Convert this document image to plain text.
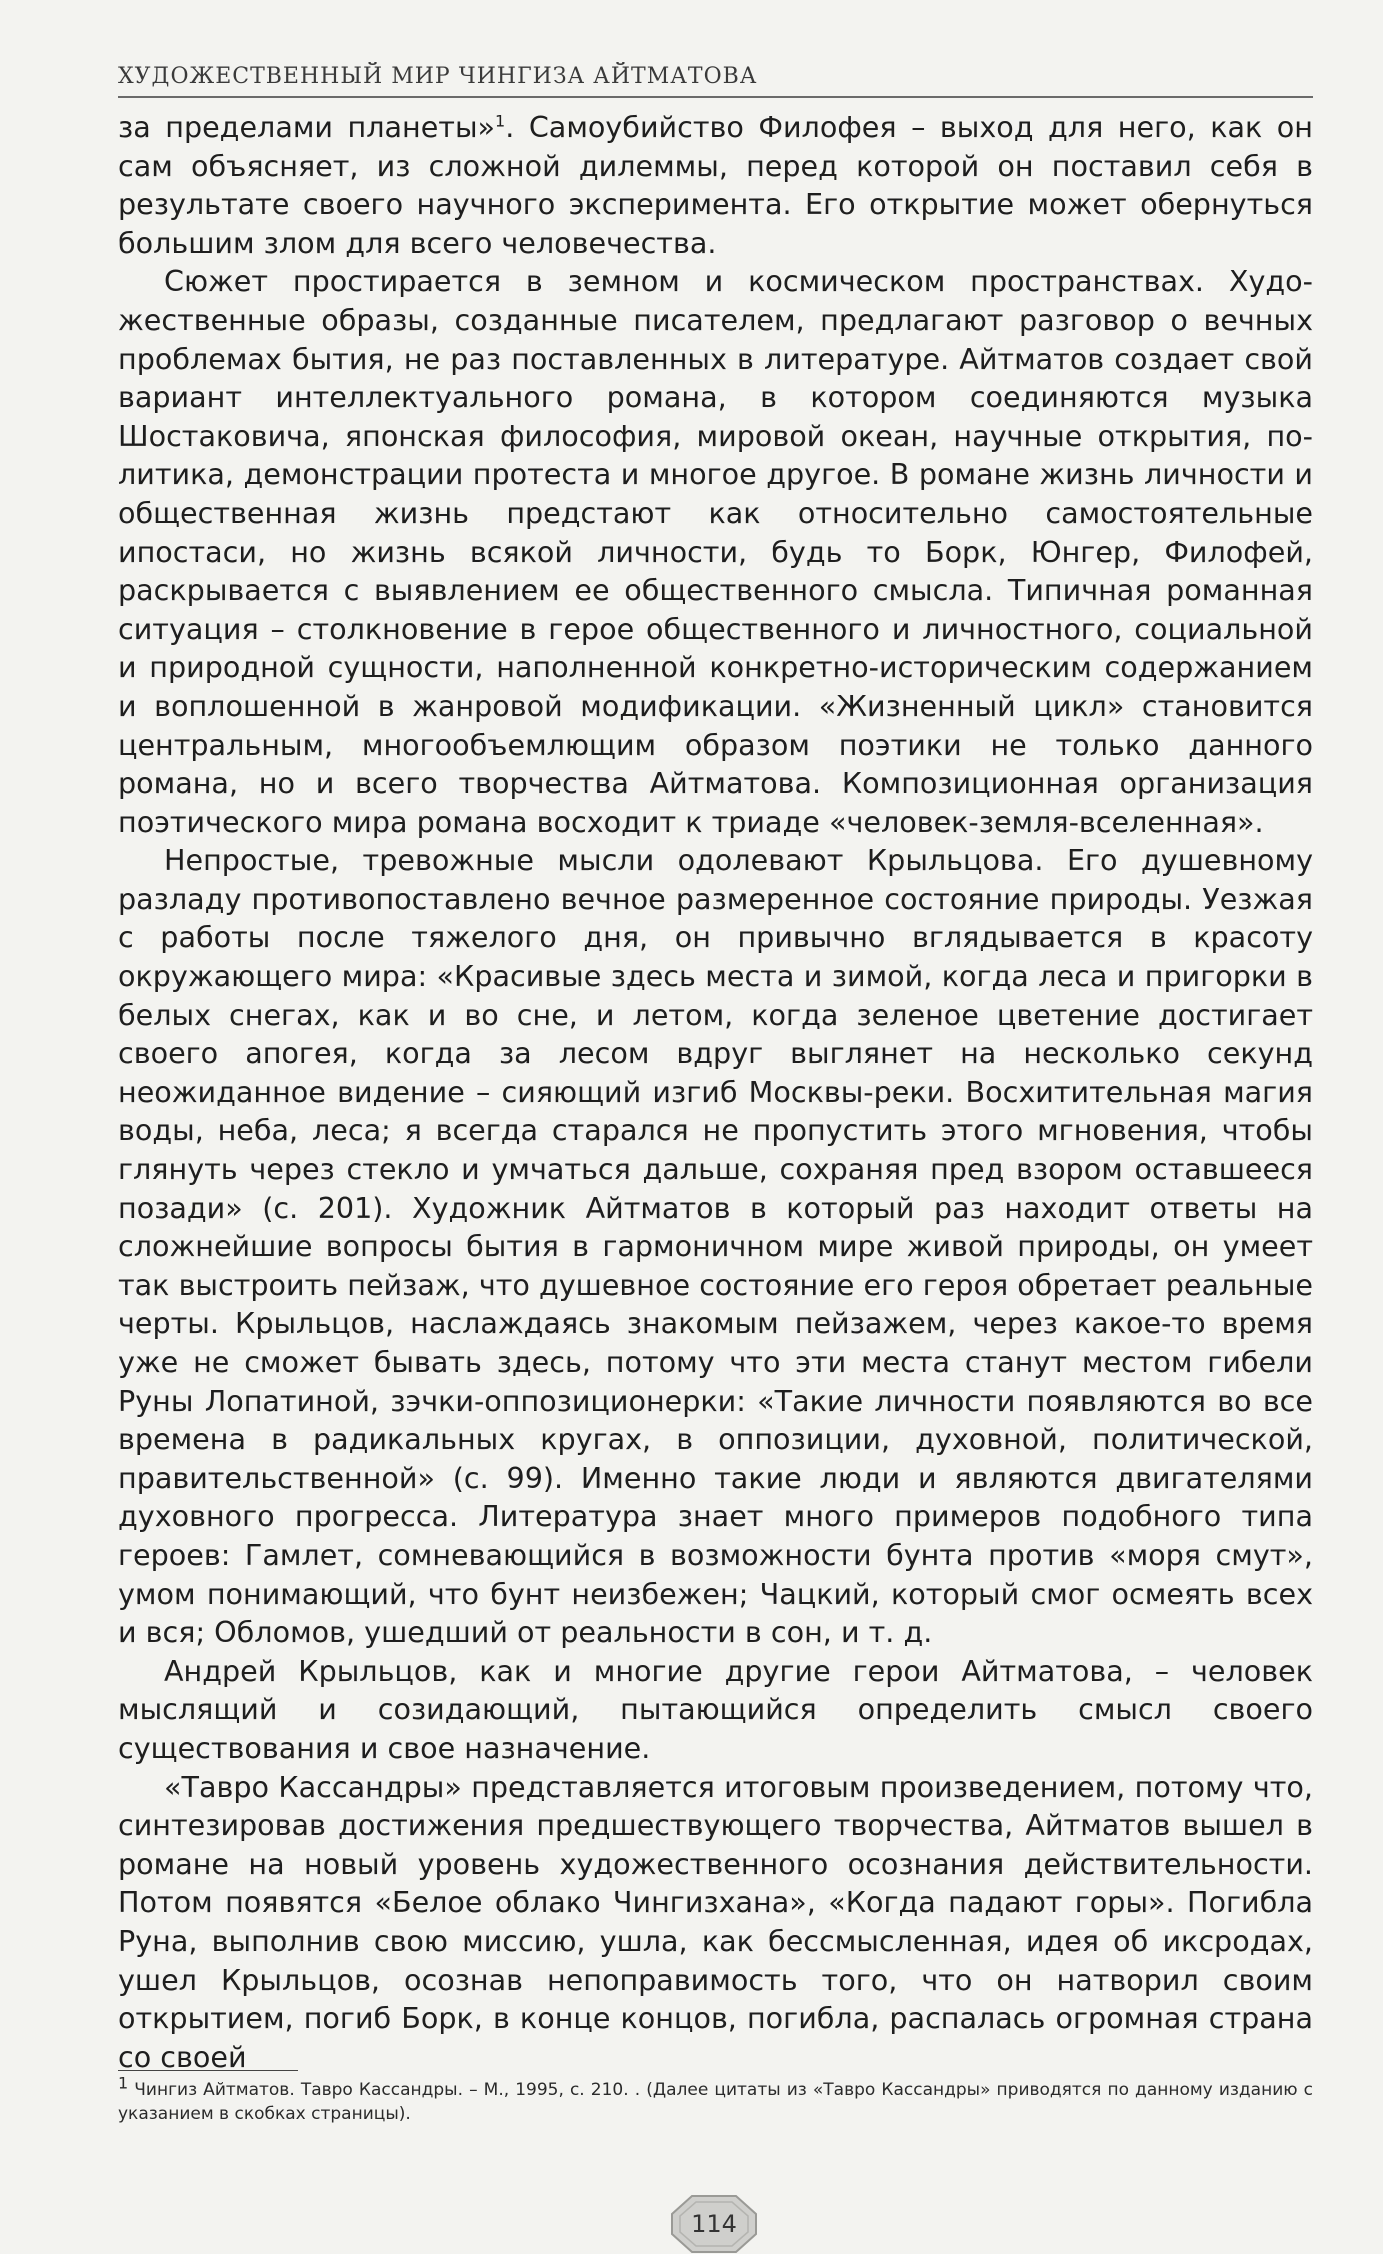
ХУДОЖЕСТВЕННЫЙ МИР ЧИНГИЗА АЙТМАТОВА

за пределами планеты»$^1$. Самоубийство Филофея – выход для него, как он сам объясняет, из сложной дилеммы, перед которой он поставил себя в результате своего научного эксперимента. Его открытие может обернуться большим злом для всего человечества.

Сюжет простирается в земном и космическом пространствах. Художественные образы, созданные писателем, предлагают разговор о вечных проблемах бытия, не раз поставленных в литературе. Айтматов создает свой вариант интеллектуального романа, в котором соединяются музыка Шостаковича, японская философия, мировой океан, научные открытия, политика, демонстрации протеста и многое другое. В романе жизнь личности и общественная жизнь предстают как относительно самостоятельные ипостаси, но жизнь всякой личности, будь то Борк, Юнгер, Филофей, раскрывается с выявлением ее общественного смысла. Типичная романная ситуация – столкновение в герое общественного и личностного, социальной и природной сущности, наполненной конкретно-историческим содержанием и воплошенной в жанровой модификации. «Жизненный цикл» становится центральным, многообъемлющим образом поэтики не только данного романа, но и всего творчества Айтматова. Композиционная организация поэтического мира романа восходит к триаде «человек-земля-вселенная».

Непростые, тревожные мысли одолевают Крыльцова. Его душевному разладу противопоставлено вечное размеренное состояние природы. Уезжая с работы после тяжелого дня, он привычно вглядывается в красоту окружающего мира: «Красивые здесь места и зимой, когда леса и пригорки в белых снегах, как и во сне, и летом, когда зеленое цветение достигает своего апогея, когда за лесом вдруг выглянет на несколько секунд неожиданное видение – сияющий изгиб Москвы-реки. Восхитительная магия воды, неба, леса; я всегда старался не пропустить этого мгновения, чтобы глянуть через стекло и умчаться дальше, сохраняя пред взором оставшееся позади» (с. 201). Художник Айтматов в который раз находит ответы на сложнейшие вопросы бытия в гармоничном мире живой природы, он умеет так выстроить пейзаж, что душевное состояние его героя обретает реальные черты. Крыльцов, наслаждаясь знакомым пейзажем, через какое-то время уже не сможет бывать здесь, потому что эти места станут местом гибели Руны Лопатиной, зэчки-оппозиционерки: «Такие личности появляются во все времена в радикальных кругах, в оппозиции, духовной, политической, правительственной» (с. 99). Именно такие люди и являются двигателями духовного прогресса. Литература знает много примеров подобного типа героев: Гамлет, сомневающийся в возможности бунта против «моря смут», умом понимающий, что бунт неизбежен; Чацкий, который смог осмеять всех и вся; Обломов, ушедший от реальности в сон, и т. д.

Андрей Крыльцов, как и многие другие герои Айтматова, – человек мыслящий и созидающий, пытающийся определить смысл своего существования и свое назначение.

«Тавро Кассандры» представляется итоговым произведением, потому что, синтезировав достижения предшествующего творчества, Айтматов вышел в романе на новый уровень художественного осознания действительности. Потом появятся «Белое облако Чингизхана», «Когда падают горы». Погибла Руна, выполнив свою миссию, ушла, как бессмысленная, идея об икcродах, ушел Крыльцов, осознав непоправимость того, что он натворил своим открытием, погиб Борк, в конце концов, погибла, распалась огромная страна со своей

$^1$ Чингиз Айтматов. Тавро Кассандры. – М., 1995, с. 210. . (Далее цитаты из «Тавро Кассандры» приводятся по данному изданию с указанием в скобках страницы).
114
